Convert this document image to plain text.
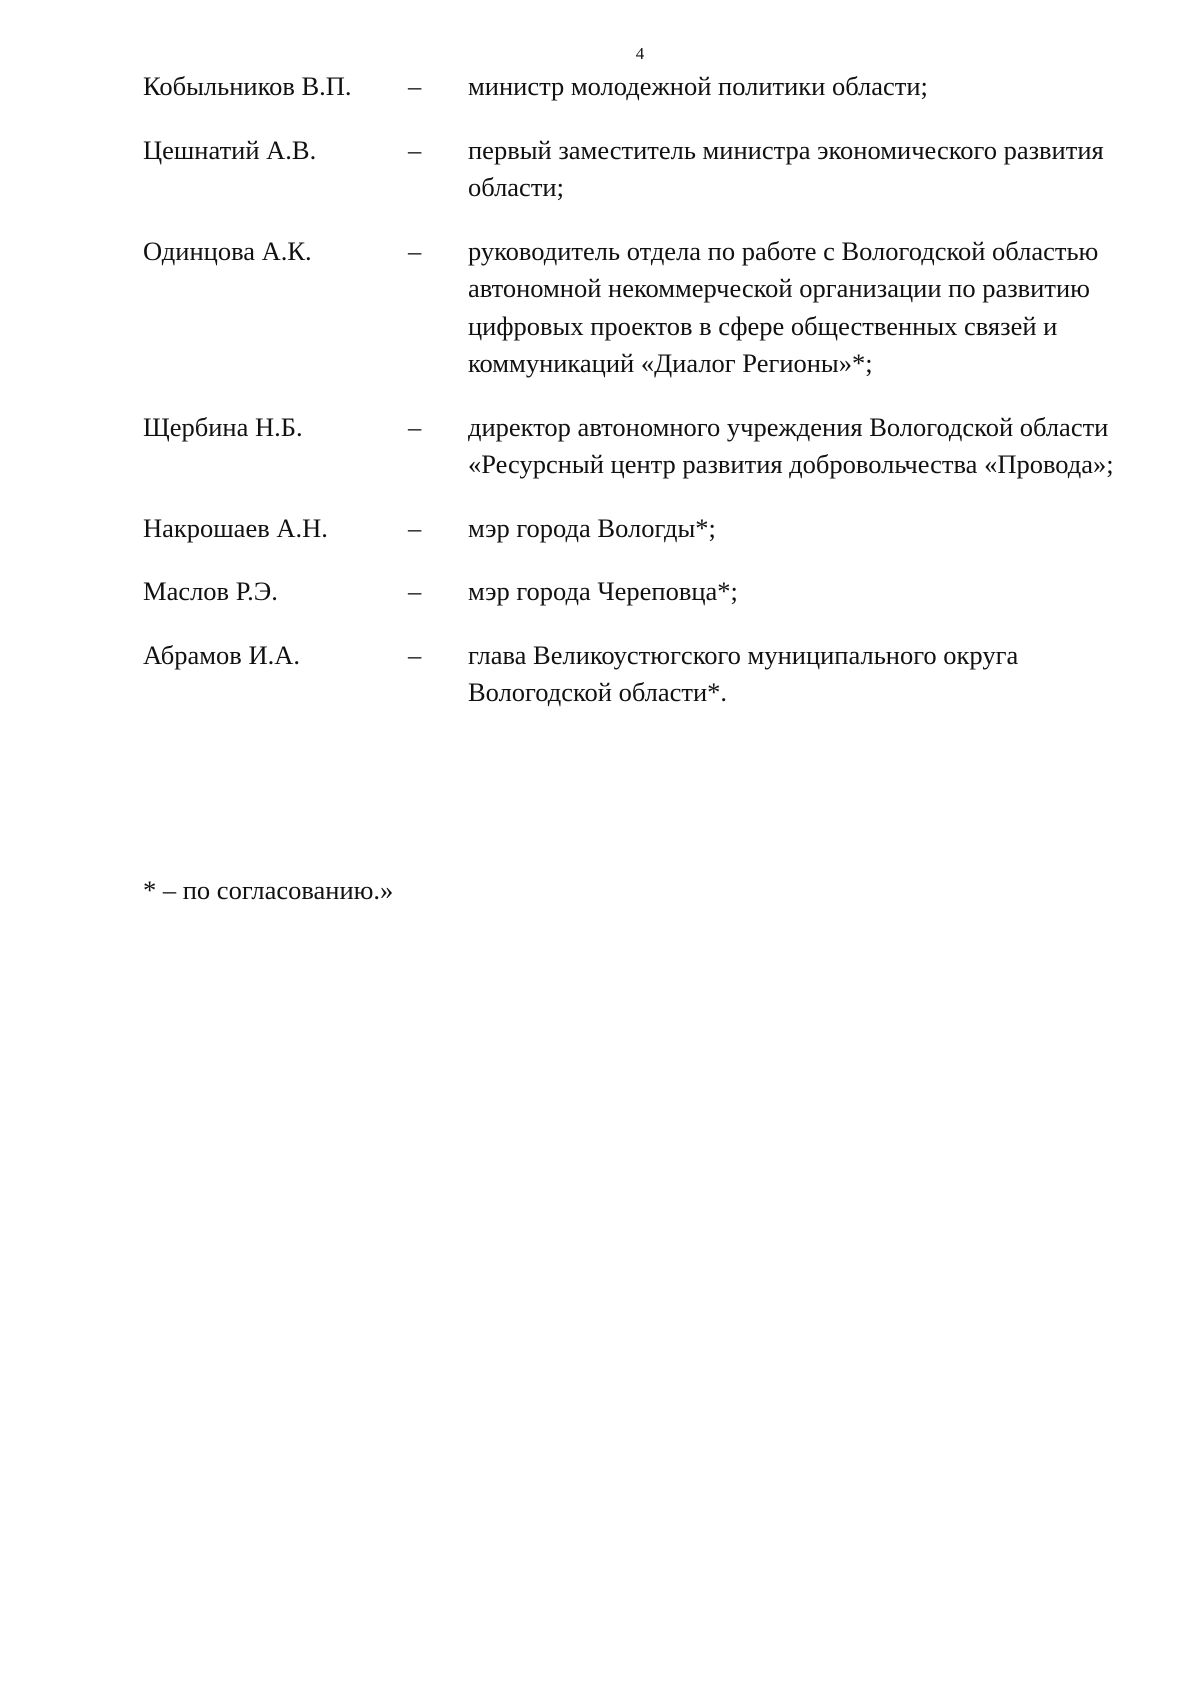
4
Кобыльников В.П.	–	министр молодежной политики области;
Цешнатий А.В.	–	первый заместитель министра экономического развития области;
Одинцова А.К.	–	руководитель отдела по работе с Вологодской областью автономной некоммерческой организации по развитию цифровых проектов в сфере общественных связей и коммуникаций «Диалог Регионы»*;
Щербина Н.Б.	–	директор автономного учреждения Вологодской области «Ресурсный центр развития добровольчества «Провода»;
Накрошаев А.Н.	–	мэр города Вологды*;
Маслов Р.Э.	–	мэр города Череповца*;
Абрамов И.А.	–	глава Великоустюгского муниципального округа Вологодской области*.
* – по согласованию.»
